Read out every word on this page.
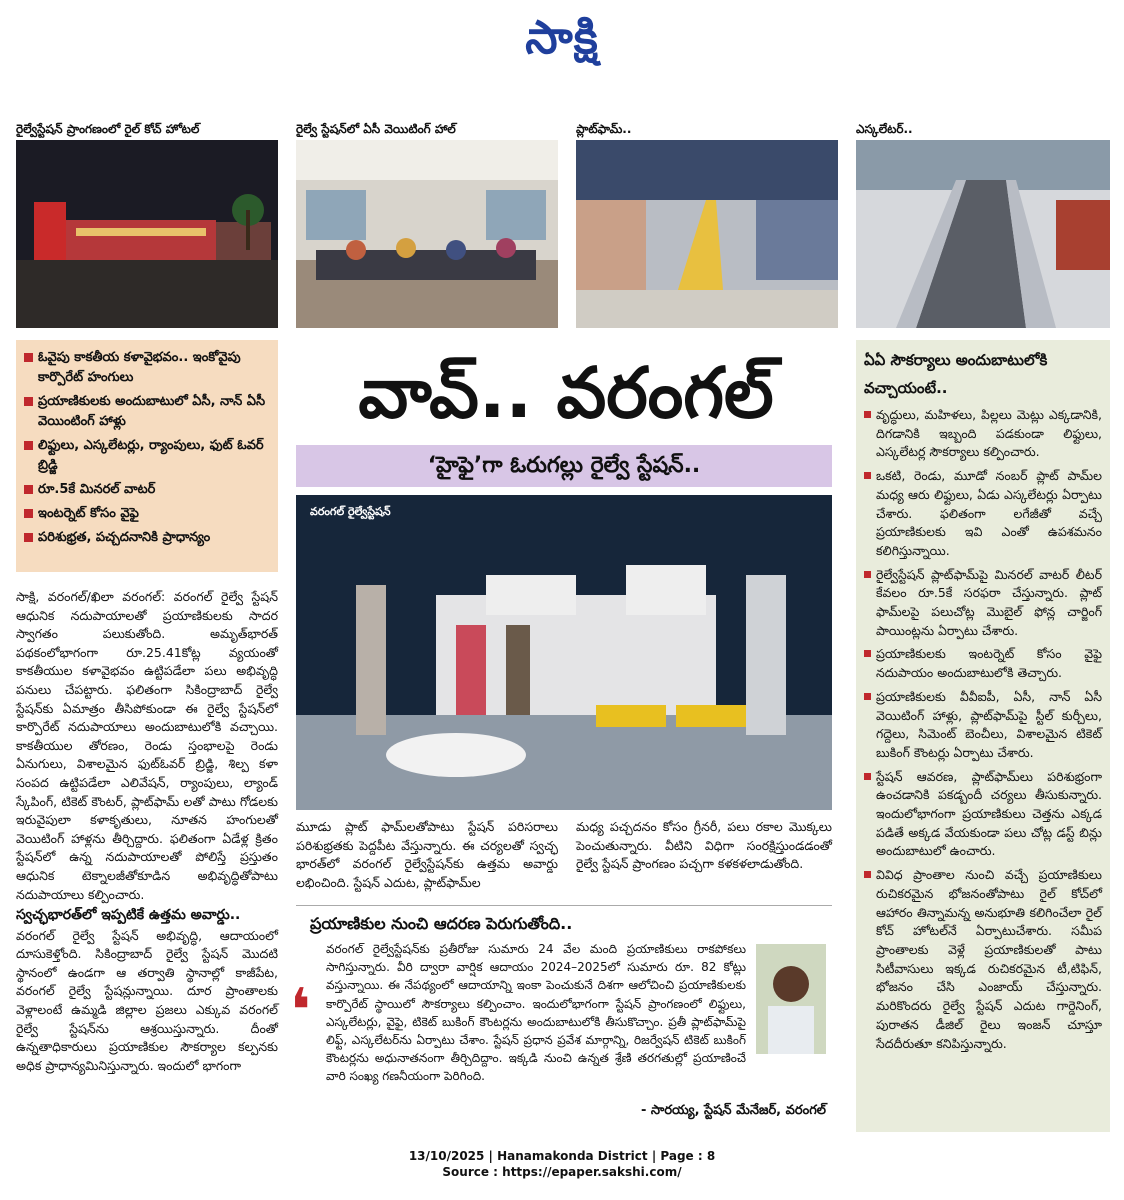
సాక్షి
రైల్వేస్టేషన్ ప్రాంగణంలో రైల్ కోచ్ హోటల్	రైల్వే స్టేషన్‌లో ఏసీ వెయిటింగ్ హాల్	ప్లాట్‌ఫామ్..	ఎస్కలేటర్..
ఓవైపు కాకతీయ కళావైభవం.. ఇంకోవైపు కార్పొరేట్ హంగులు
ప్రయాణికులకు అందుబాటులో ఏసీ, నాన్ ఏసీ వెయింటింగ్ హాళ్లు
లిఫ్టులు, ఎస్కలేటర్లు, ర్యాంపులు, ఫుట్ ఓవర్ బ్రిడ్జి
రూ.5కే మినరల్ వాటర్
ఇంటర్నెట్ కోసం వైఫై
పరిశుభ్రత, పచ్చదనానికి ప్రాధాన్యం
వావ్.. వరంగల్
‘హైఫై’గా ఓరుగల్లు రైల్వే స్టేషన్..
వరంగల్ రైల్వేస్టేషన్

సాక్షి, వరంగల్/ఖిలా వరంగల్: వరంగల్ రైల్వే స్టేషన్ ఆధునిక నదుపాయాలతో ప్రయాణికులకు సాదర స్వాగతం పలుకుతోంది. అమృత్‌భారత్ పథకంలోభాగంగా రూ.25.41కోట్ల వ్యయంతో కాకతీయుల కళావైభవం ఉట్టిపడేలా పలు అభివృద్ధి పనులు చేపట్టారు. ఫలితంగా సికింద్రాబాద్ రైల్వే స్టేషన్‌కు ఏమాత్రం తీసిపోకుండా ఈ రైల్వే స్టేషన్‌లో కార్పొరేట్ నదుపాయాలు అందుబాటులోకి వచ్చాయి. కాకతీయుల తోరణం, రెండు స్తంభాలపై రెండు ఏనుగులు, విశాలమైన ఫుట్‌ఓవర్ బ్రిడ్జి, శిల్ప కళా సంపద ఉట్టిపడేలా ఎలివేషన్, ర్యాంపులు, ల్యాండ్ స్కేపింగ్, టికెట్ కౌంటర్, ప్లాట్‌ఫామ్ లతో పాటు గోడలకు ఇరువైపులా కళాకృతులు, నూతన హంగులతో వెయిటింగ్ హాళ్లను తీర్చిద్దారు. ఫలితంగా ఏడేళ్ల క్రితం స్టేషన్‌లో ఉన్న నదుపాయాలతో పోలిస్తే ప్రస్తుతం ఆధునిక టెక్నాలజీతోకూడిన అభివృద్ధితోపాటు నదుపాయాలు కల్పించారు.

స్వచ్ఛభారత్‌లో ఇప్పటికే ఉత్తమ అవార్డు..

వరంగల్ రైల్వే స్టేషన్ అభివృద్ధి, ఆదాయంలో దూసుకెళ్తోంది. సికింద్రాబాద్ రైల్వే స్టేషన్ మొదటి స్థానంలో ఉండగా ఆ తర్వాతి స్థానాల్లో కాజీపేట, వరంగల్ రైల్వే స్టేషన్లున్నాయి. దూర ప్రాంతాలకు వెళ్లాలంటే ఉమ్మడి జిల్లాల ప్రజలు ఎక్కువ వరంగల్ రైల్వే స్టేషన్‌ను ఆశ్రయిస్తున్నారు. దీంతో ఉన్నతాధికారులు ప్రయాణికుల సౌకర్యాల కల్పనకు అధిక ప్రాధాన్యమినిస్తున్నారు. ఇందులో భాగంగా

మూడు ప్లాట్ ఫామ్‌లతోపాటు స్టేషన్ పరిసరాలు పరిశుభ్రతకు పెద్దపీట వేస్తున్నారు. ఈ చర్యలతో స్వచ్ఛ భారత్‌లో వరంగల్ రైల్వేస్టేషన్‌కు ఉత్తమ అవార్డు లభించింది. స్టేషన్ ఎదుట, ప్లాట్‌ఫామ్‌ల

మధ్య పచ్చదనం కోసం గ్రీనరీ, పలు రకాల మొక్కలు పెంచుతున్నారు. వీటిని విధిగా సంరక్షిస్తుండడంతో రైల్వే స్టేషన్ ప్రాంగణం పచ్చగా కళకళలాడుతోంది.

ప్రయాణికుల నుంచి ఆదరణ పెరుగుతోంది..
❛
వరంగల్ రైల్వేస్టేషన్‌కు ప్రతీరోజు సుమారు 24 వేల మంది ప్రయాణికులు రాకపోకలు సాగిస్తున్నారు. వీరి ద్వారా వార్షిక ఆదాయం 2024–2025లో సుమారు రూ. 82 కోట్లు వస్తున్నాయి. ఈ నేపథ్యంలో ఆదాయాన్ని ఇంకా పెంచుకునే దిశగా ఆలోచించి ప్రయాణికులకు కార్పొరేట్ స్థాయిలో సౌకర్యాలు కల్పించాం. ఇందులోభాగంగా స్టేషన్ ప్రాంగణంలో లిఫ్టులు, ఎస్కలేటర్లు, వైఫై, టికెట్ బుకింగ్ కౌంటర్లను అందుబాటులోకి తీసుకొచ్చాం. ప్రతీ ప్లాట్‌ఫామ్‌పై లిఫ్ట్, ఎస్కలేటర్‌ను ఏర్పాటు చేశాం. స్టేషన్ ప్రధాన ప్రవేశ మార్గాన్ని, రిజర్వేషన్ టికెట్ బుకింగ్ కౌంటర్లను అధునాతనంగా తీర్చిదిద్దాం. ఇక్కడి నుంచి ఉన్నత శ్రేణి తరగతుల్లో ప్రయాణించే వారి సంఖ్య గణనీయంగా పెరిగింది.
- సారయ్య, స్టేషన్ మేనేజర్, వరంగల్
ఏఏ సౌకర్యాలు అందుబాటులోకి వచ్చాయంటే..
వృద్ధులు, మహిళలు, పిల్లలు మెట్లు ఎక్కడానికి, దిగడానికి ఇబ్బంది పడకుండా లిఫ్టులు, ఎస్కలేటర్ల సౌకర్యాలు కల్పించారు.
ఒకటి, రెండు, మూడో నంబర్ ప్లాట్ పామ్‌ల మధ్య ఆరు లిఫ్టులు, ఏడు ఎస్కలేటర్లు ఏర్పాటు చేశారు. ఫలితంగా లగేజీతో వచ్చే ప్రయాణికులకు ఇవి ఎంతో ఉపశమనం కలిగిస్తున్నాయి.
రైల్వేస్టేషన్ ప్లాట్‌ఫామ్‌పై మినరల్ వాటర్ లీటర్ కేవలం రూ.5కే సరఫరా చేస్తున్నారు. ప్లాట్ ఫామ్‌లపై పలుచోట్ల మొబైల్ ఫోన్ల చార్జింగ్ పాయింట్లను ఏర్పాటు చేశారు.
ప్రయాణికులకు ఇంటర్నెట్ కోసం వైఫై నదుపాయం అందుబాటులోకి తెచ్చారు.
ప్రయాణికులకు వీవీఐపీ, ఏసీ, నాన్ ఏసీ వెయిటింగ్ హాళ్లు, ప్లాట్‌ఫామ్‌పై స్టీల్ కుర్చీలు, గద్దెలు, సిమెంట్ బెంచీలు, విశాలమైన టికెట్ బుకింగ్ కౌంటర్లు ఏర్పాటు చేశారు.
స్టేషన్ ఆవరణ, ప్లాట్‌ఫామ్‌లు పరిశుభ్రంగా ఉంచడానికి పకడ్బందీ చర్యలు తీసుకున్నారు. ఇందులోభాగంగా ప్రయాణికులు చెత్తను ఎక్కడ పడితే అక్కడ వేయకుండా పలు చోట్ల డస్ట్ బిన్లు అందుబాటులో ఉంచారు.
వివిధ ప్రాంతాల నుంచి వచ్చే ప్రయాణికులు రుచికరమైన భోజనంతోపాటు రైల్ కోచ్‌లో ఆహారం తిన్నామన్న అనుభూతి కలిగించేలా రైల్ కోచ్ హోటల్‌నే ఏర్పాటుచేశారు. సమీప ప్రాంతాలకు వెళ్లే ప్రయాణికులతో పాటు సిటీవాసులు ఇక్కడ రుచికరమైన టీ,టిఫిన్, భోజనం చేసి ఎంజాయ్ చేస్తున్నారు. మరికొందరు రైల్వే స్టేషన్ ఎదుట గార్డెనింగ్, పురాతన డీజిల్ రైలు ఇంజన్ చూస్తూ సేదదీరుతూ కనిపిస్తున్నారు.
13/10/2025 | Hanamakonda District | Page : 8
Source : https://epaper.sakshi.com/
